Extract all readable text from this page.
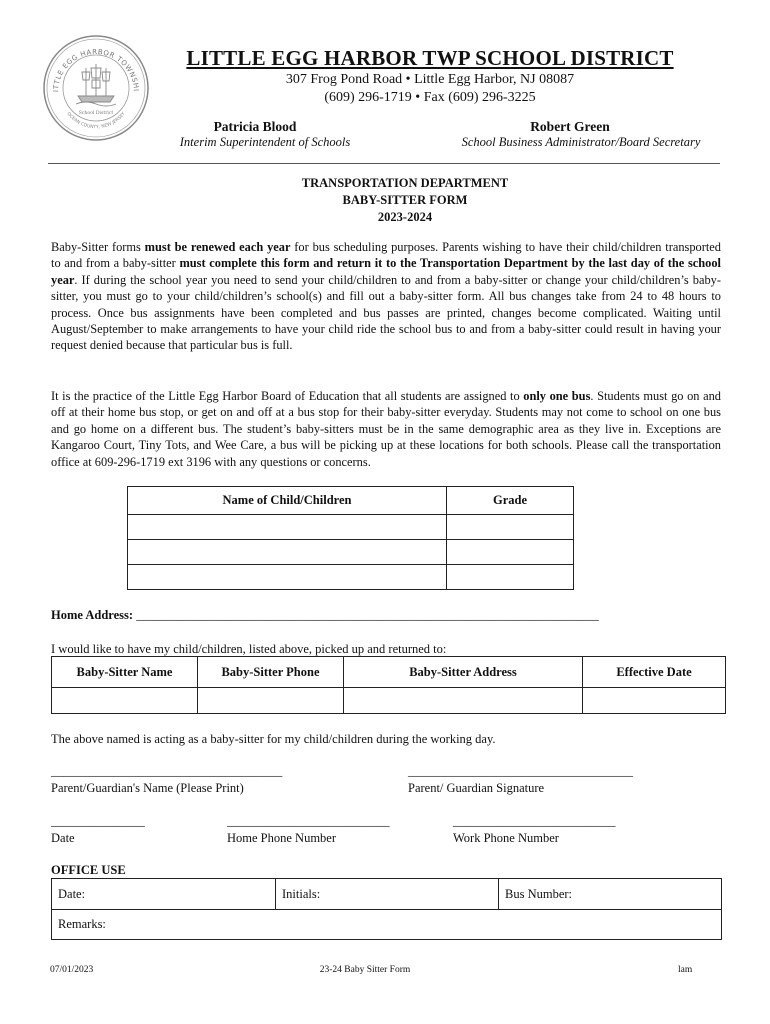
ITTLE EGG HARBOR TOWNSHI
OCEAN COUNTY, NEW JERSEY
School District
LITTLE EGG HARBOR TWP SCHOOL DISTRICT
307 Frog Pond Road • Little Egg Harbor, NJ 08087
(609) 296-1719 • Fax (609) 296-3225
Patricia Blood
Interim Superintendent of Schools
Robert Green
School Business Administrator/Board Secretary
TRANSPORTATION DEPARTMENT
BABY-SITTER FORM
2023-2024
Baby-Sitter forms must be renewed each year for bus scheduling purposes. Parents wishing to have their child/children transported to and from a baby-sitter must complete this form and return it to the Transportation Department by the last day of the school year. If during the school year you need to send your child/children to and from a baby-sitter or change your child/children’s baby-sitter, you must go to your child/children’s school(s) and fill out a baby-sitter form. All bus changes take from 24 to 48 hours to process. Once bus assignments have been completed and bus passes are printed, changes become complicated. Waiting until August/September to make arrangements to have your child ride the school bus to and from a baby-sitter could result in having your request denied because that particular bus is full.
It is the practice of the Little Egg Harbor Board of Education that all students are assigned to only one bus. Students must go on and off at their home bus stop, or get on and off at a bus stop for their baby-sitter everyday. Students may not come to school on one bus and go home on a different bus. The student’s baby-sitters must be in the same demographic area as they live in. Exceptions are Kangaroo Court, Tiny Tots, and Wee Care, a bus will be picking up at these locations for both schools. Please call the transportation office at 609-296-1719 ext 3196 with any questions or concerns.
Name of Child/Children	Grade

Home Address: __________________________________________________________________________
I would like to have my child/children, listed above, picked up and returned to:
Baby-Sitter Name	Baby-Sitter Phone	Baby-Sitter Address	Effective Date

The above named is acting as a baby-sitter for my child/children during the working day.
_____________________________________	____________________________________
Parent/Guardian's Name (Please Print)	Parent/ Guardian Signature
_______________	__________________________	__________________________
Date	Home Phone Number	Work Phone Number
OFFICE USE
Date:	Initials:	Bus Number:
Remarks:
07/01/2023	23-24 Baby Sitter Form	lam
